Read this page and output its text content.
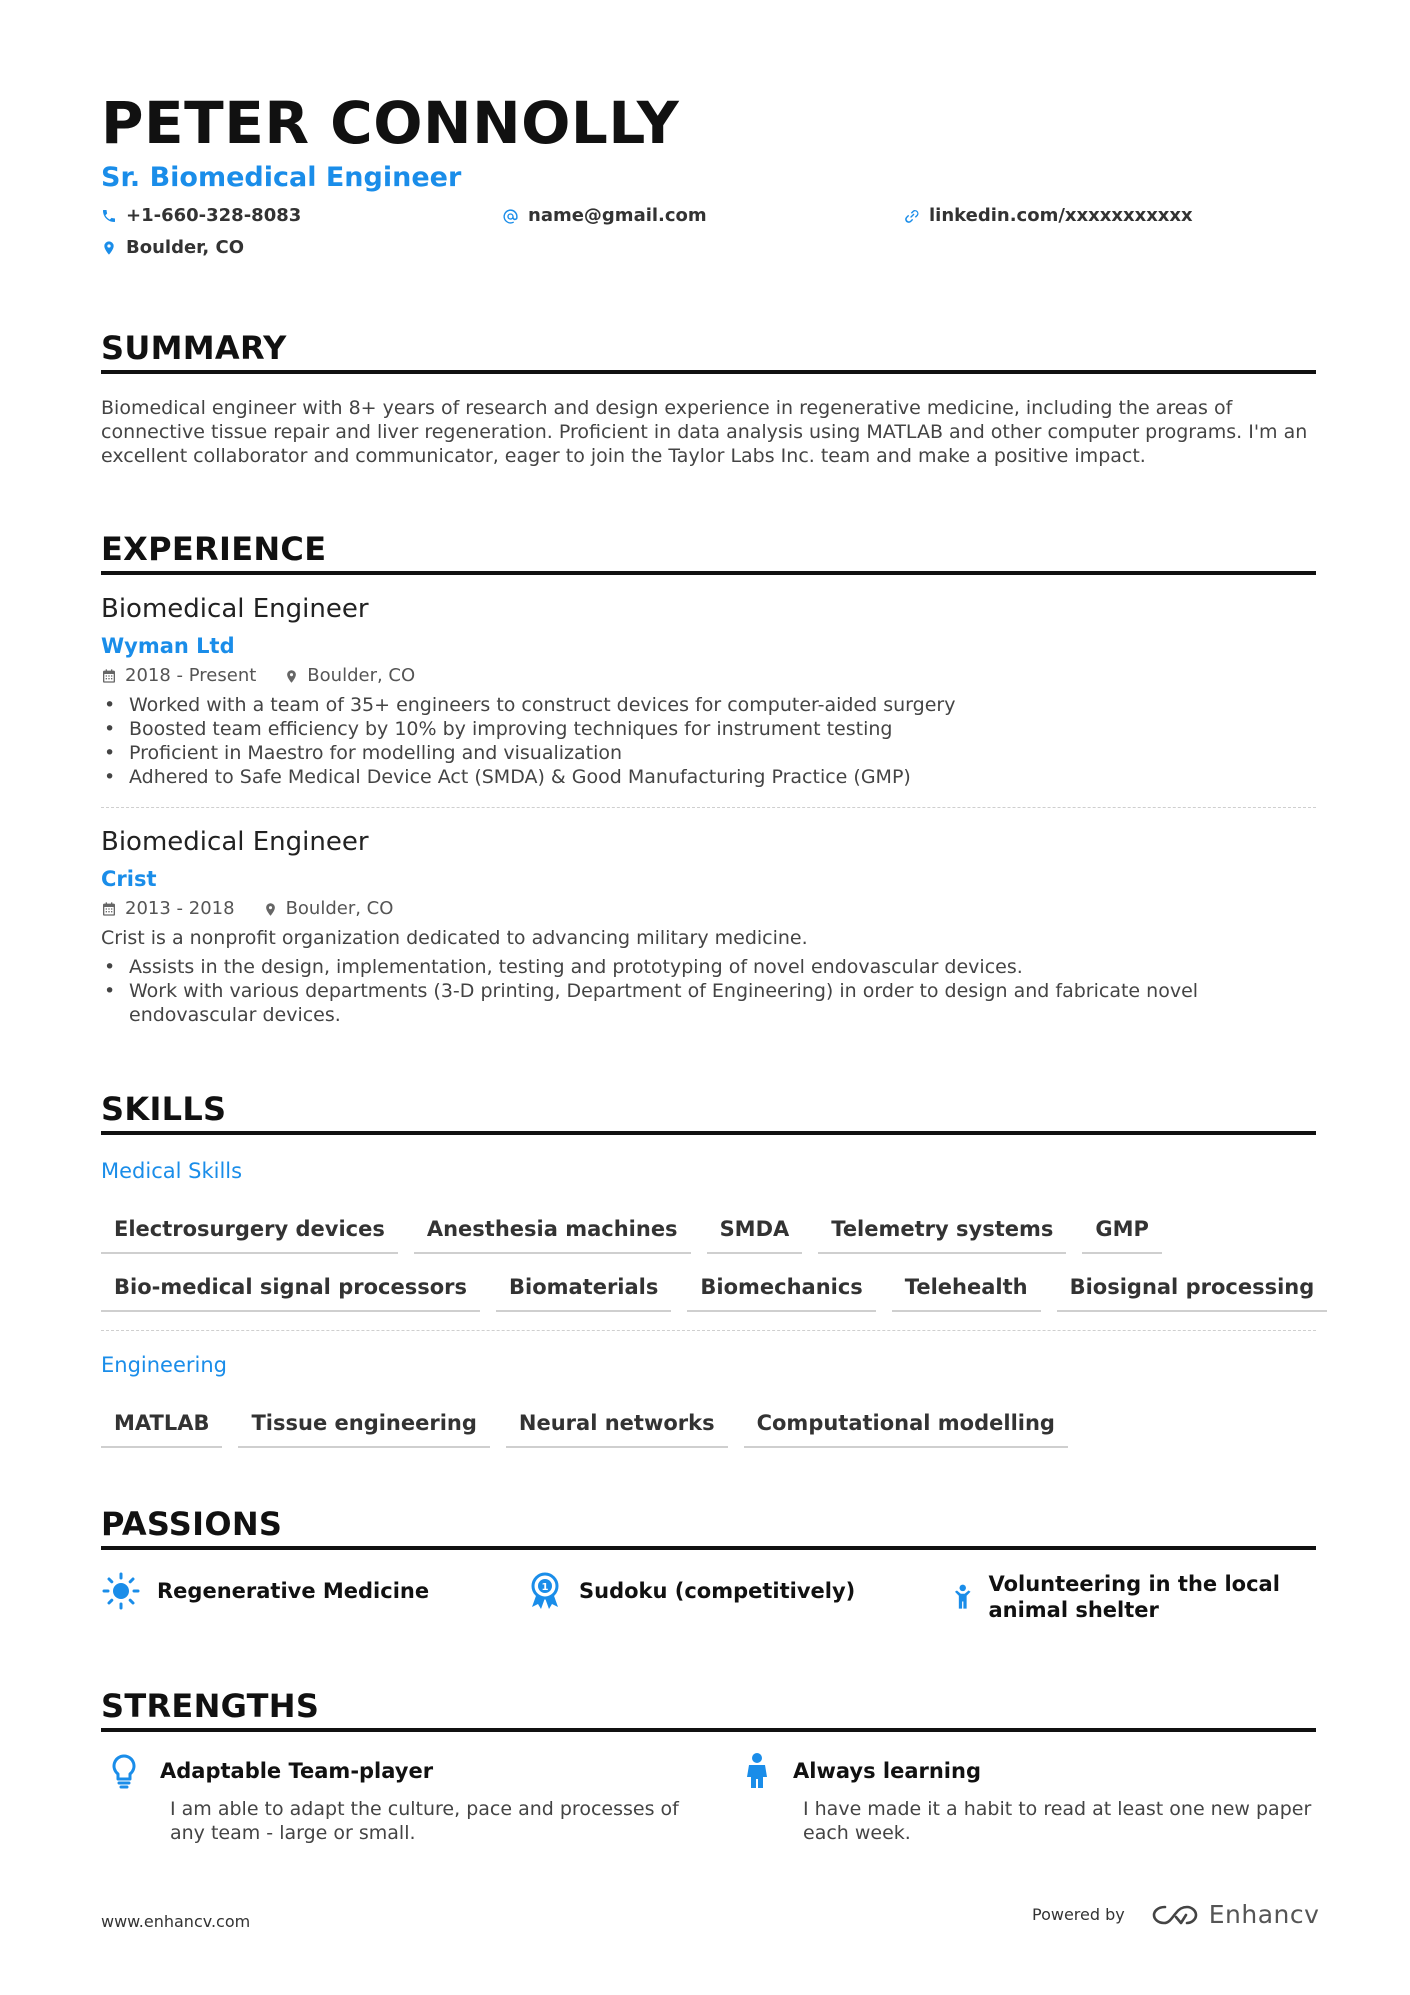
PETER CONNOLLY
Sr. Biomedical Engineer
+1-660-328-8083	name@gmail.com	linkedin.com/xxxxxxxxxxx
Boulder, CO
SUMMARY
Biomedical engineer with 8+ years of research and design experience in regenerative medicine, including the areas of connective tissue repair and liver regeneration. Proficient in data analysis using MATLAB and other computer programs. I'm an excellent collaborator and communicator, eager to join the Taylor Labs Inc. team and make a positive impact.
EXPERIENCE
Biomedical Engineer
Wyman Ltd
2018 - Present	Boulder, CO
• Worked with a team of 35+ engineers to construct devices for computer-aided surgery
• Boosted team efficiency by 10% by improving techniques for instrument testing
• Proficient in Maestro for modelling and visualization
• Adhered to Safe Medical Device Act (SMDA) & Good Manufacturing Practice (GMP)
Biomedical Engineer
Crist
2013 - 2018	Boulder, CO
Crist is a nonprofit organization dedicated to advancing military medicine.
• Assists in the design, implementation, testing and prototyping of novel endovascular devices.
• Work with various departments (3-D printing, Department of Engineering) in order to design and fabricate novel endovascular devices.
SKILLS
Medical Skills
Electrosurgery devices	Anesthesia machines	SMDA	Telemetry systems	GMP
Bio-medical signal processors	Biomaterials	Biomechanics	Telehealth	Biosignal processing
Engineering
MATLAB	Tissue engineering	Neural networks	Computational modelling
PASSIONS
Regenerative Medicine	1 Sudoku (competitively)	Volunteering in the local animal shelter
STRENGTHS
Adaptable Team-player
I am able to adapt the culture, pace and processes of any team - large or small.
Always learning
I have made it a habit to read at least one new paper each week.
www.enhancv.com	Powered by	Enhancv
